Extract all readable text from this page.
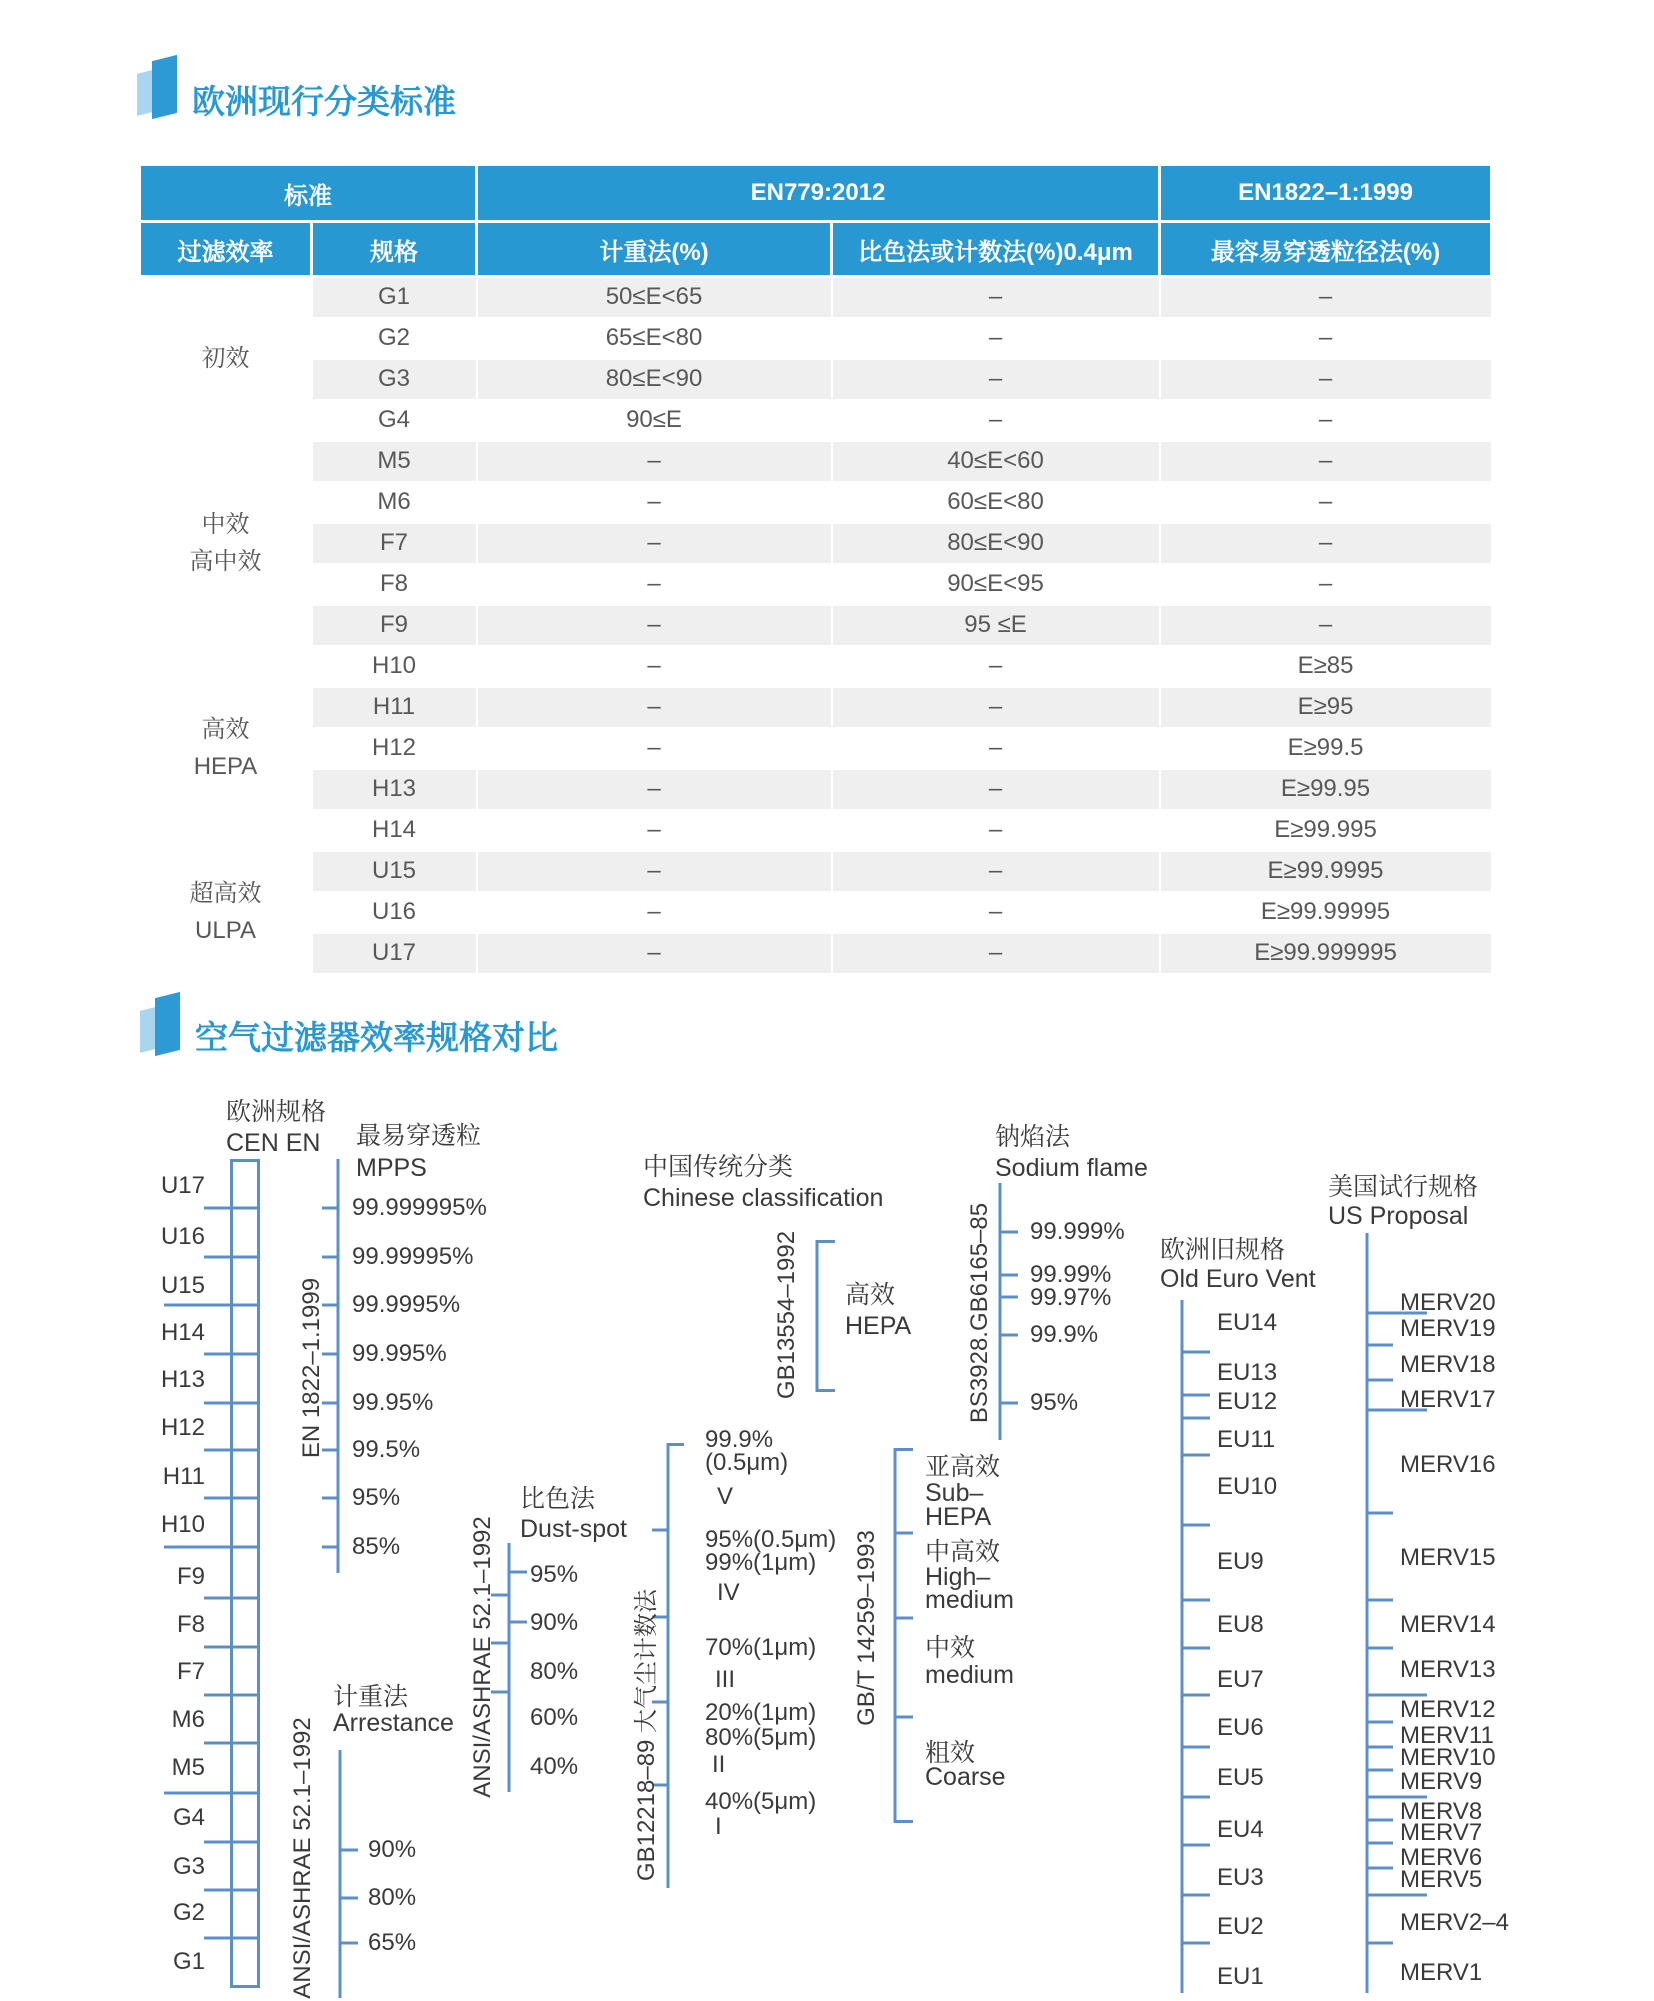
欧洲现行分类标准
标准		EN779:2012		EN1822–1:1999
过滤效率	规格	计重法(%)	比色法或计数法(%)0.4μm	最容易穿透粒径法(%)

初效	G1	50≤E<65	–	–
	G2	65≤E<80	–	–
	G3	80≤E<90	–	–
	G4	90≤E	–	–

中效
高中效	M5	–	40≤E<60	–
	M6	–	60≤E<80	–
	F7	–	80≤E<90	–
	F8	–	90≤E<95	–
	F9	–	95 ≤E	–

高效
HEPA	H10	–	–	E≥85
	H11	–	–	E≥95
	H12	–	–	E≥99.5
	H13	–	–	E≥99.95
	H14	–	–	E≥99.995

超高效
ULPA	U15	–	–	E≥99.9995
	U16	–	–	E≥99.99995
	U17	–	–	E≥99.999995
空气过滤器效率规格对比
欧洲规格
CEN EN
U17
U16
U15
H14
H13
H12
H11
H10
F9
F8
F7
M6
M5
G4
G3
G2
G1
EN 1822–1.1999
最易穿透粒
MPPS
99.999995%
99.99995%
99.9995%
99.995%
99.95%
99.5%
95%
85%
ANSI/ASHRAE 52.1–1992
计重法
Arrestance
90%
80%
65%
ANSI/ASHRAE 52.1–1992
比色法
Dust-spot
95%
90%
80%
60%
40%
中国传统分类
Chinese classification
GB13554–1992 高效
HEPA
GB12218–89 大气尘计数法
99.9%
(0.5μm)
V
95%(0.5μm)
99%(1μm)
IV
70%(1μm)
III
20%(1μm)
80%(5μm)
II
40%(5μm)
I
GB/T 14259–1993
亚高效
Sub–
HEPA
中高效
High–
medium
中效
medium
粗效
Coarse
钠焰法
Sodium flame
BS3928.GB6165–85 99.999%
99.99%
99.97%
99.9%
95%
欧洲旧规格
Old Euro Vent
EU14
EU13
EU12
EU11
EU10
EU9
EU8
EU7
EU6
EU5
EU4
EU3
EU2
EU1
美国试行规格
US Proposal
MERV20
MERV19
MERV18
MERV17
MERV16
MERV15
MERV14
MERV13
MERV12
MERV11
MERV10
MERV9
MERV8
MERV7
MERV6
MERV5
MERV2–4
MERV1
